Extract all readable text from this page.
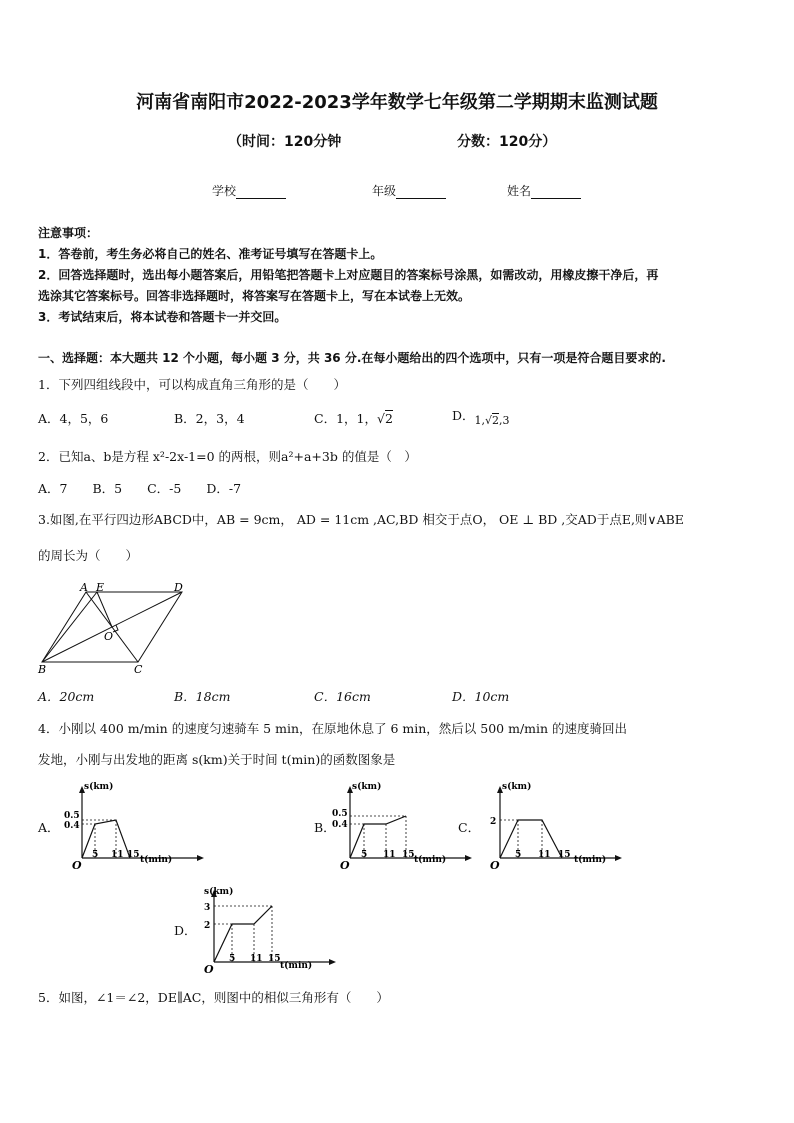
河南省南阳市2022-2023学年数学七年级第二学期期末监测试题
（时间：120分钟	分数：120分）
学校	年级	姓名
注意事项：
1．答卷前，考生务必将自己的姓名、准考证号填写在答题卡上。
2．回答选择题时，选出每小题答案后，用铅笔把答题卡上对应题目的答案标号涂黑，如需改动，用橡皮擦干净后，再
选涂其它答案标号。回答非选择题时，将答案写在答题卡上，写在本试卷上无效。
3．考试结束后，将本试卷和答题卡一并交回。
一、选择题：本大题共 12 个小题，每小题 3 分，共 36 分.在每小题给出的四个选项中，只有一项是符合题目要求的.
1．下列四组线段中，可以构成直角三角形的是（　　）
A．4，5，6	B．2，3，4	C．1，1，√2	D．1,√2,3
2．已知a、b是方程 x²-2x-1=0 的两根，则a²+a+3b 的值是（　）
A．7　　B．5　　C．-5　　D．-7
3.如图,在平行四边形ABCD中，AB = 9cm， AD = 11cm ,AC,BD 相交于点O， OE ⊥ BD ,交AD于点E,则∨ABE
的周长为（　　）
A E	D
O
B	C
A．20cm	B．18cm	C．16cm	D．10cm
4．小刚以 400 m/min 的速度匀速骑车 5 min，在原地休息了 6 min，然后以 500 m/min 的速度骑回出
发地，小刚与出发地的距离 s(km)关于时间 t(min)的函数图象是
A．
s(km)
0.5
0.4
O
5 11 15 t(min)
B．
s(km)
0.5
0.4
O
5 11 15 t(min)
C．
s(km)
2
O
5 11 15 t(min)
D．
s(km)
3
2
O
5 11 15
t(min)
5．如图，∠1＝∠2，DE∥AC，则图中的相似三角形有（　　）
